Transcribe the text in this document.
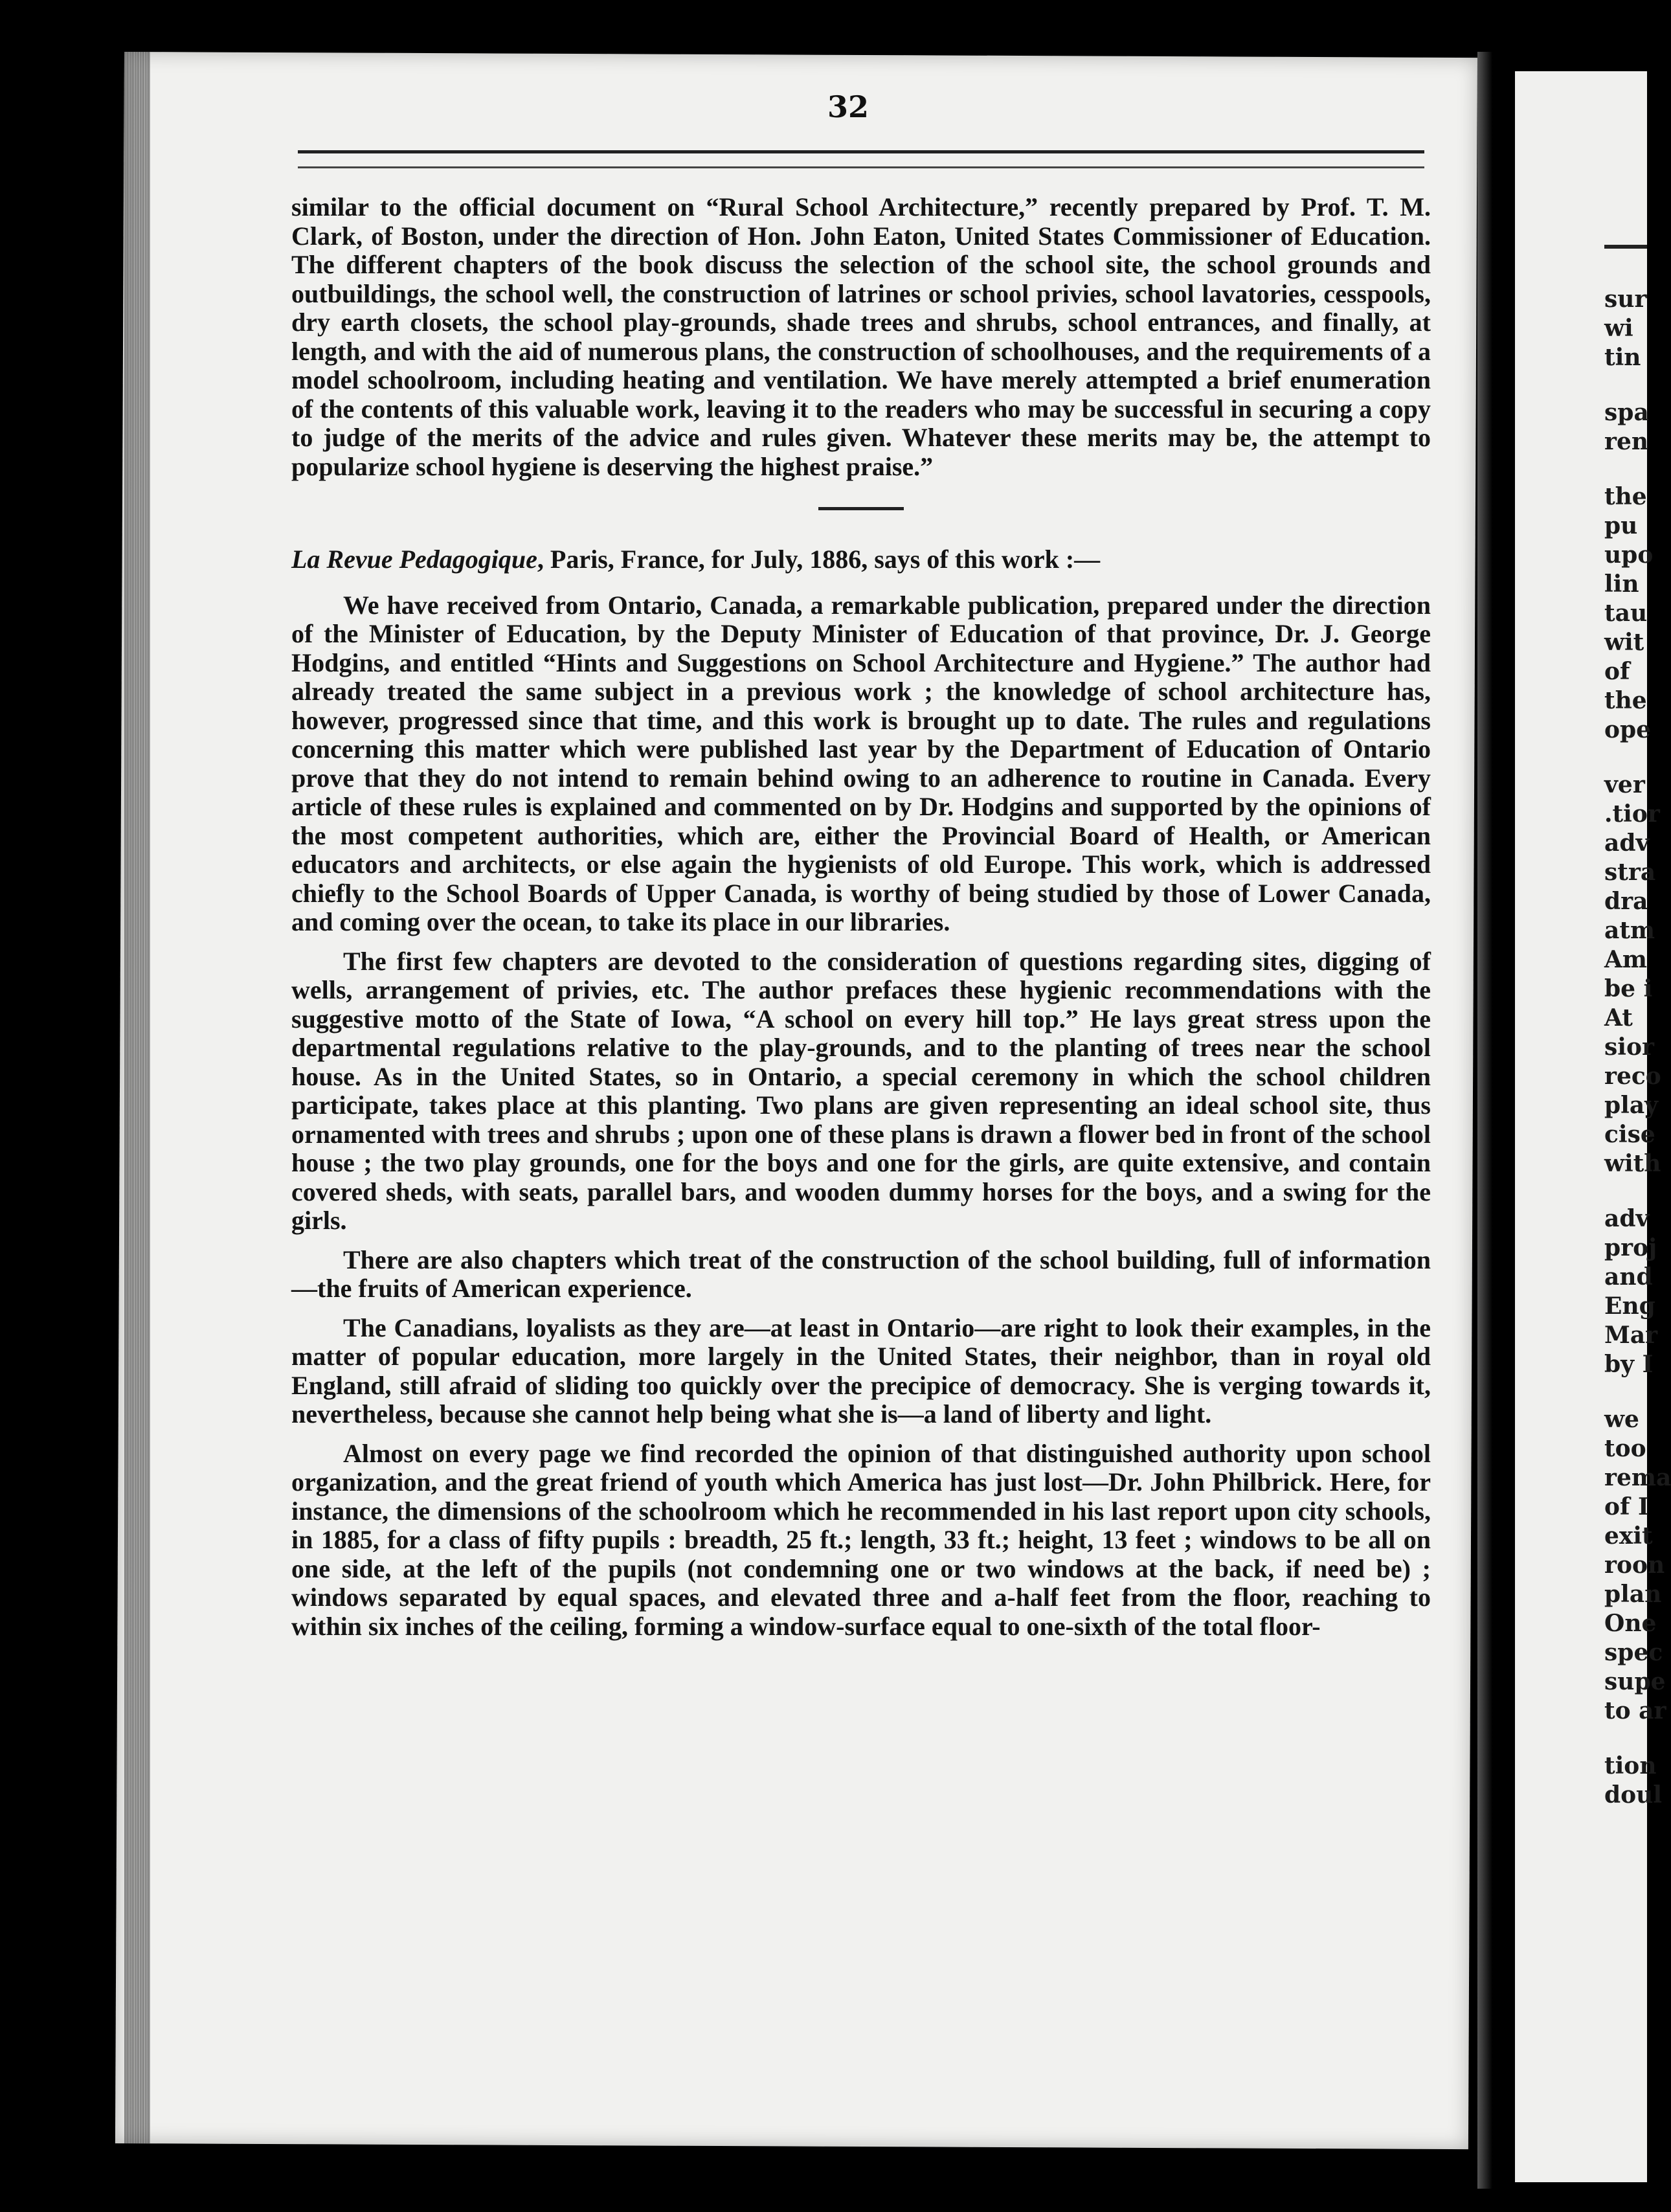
sur
wi
tin
spa
ren
the
pu
upo
lin
tau
wit
of
the
ope
ver
.tior
adv
stra
dra
atm
Am
be i
At
sior
reco
play
cise
with
adv
proj
and
Eng
Mar
by I
we
too
rema
of I
exit
roon
plan
One
spec
supe
to ar
tion
doul
32

similar to the official document on “Rural School Architecture,” recently prepared by Prof. T. M. Clark, of Boston, under the direction of Hon. John Eaton, United States Commissioner of Education. The different chapters of the book discuss the selection of the school site, the school grounds and outbuildings, the school well, the construction of latrines or school privies, school lavatories, cesspools, dry earth closets, the school play-grounds, shade trees and shrubs, school entrances, and finally, at length, and with the aid of numerous plans, the construction of schoolhouses, and the requirements of a model schoolroom, including heating and ventilation. We have merely attempted a brief enumeration of the contents of this valuable work, leaving it to the readers who may be successful in securing a copy to judge of the merits of the advice and rules given. Whatever these merits may be, the attempt to popularize school hygiene is deserving the highest praise.”

La Revue Pedagogique, Paris, France, for July, 1886, says of this work :—

We have received from Ontario, Canada, a remarkable publication, prepared under the direction of the Minister of Education, by the Deputy Minister of Education of that province, Dr. J. George Hodgins, and entitled “Hints and Suggestions on School Architecture and Hygiene.” The author had already treated the same subject in a previous work ; the knowledge of school architecture has, however, progressed since that time, and this work is brought up to date. The rules and regulations concerning this matter which were published last year by the Department of Education of Ontario prove that they do not intend to remain behind owing to an adherence to routine in Canada. Every article of these rules is explained and commented on by Dr. Hodgins and supported by the opinions of the most competent authorities, which are, either the Provincial Board of Health, or American educators and architects, or else again the hygienists of old Europe. This work, which is addressed chiefly to the School Boards of Upper Canada, is worthy of being studied by those of Lower Canada, and coming over the ocean, to take its place in our libraries.

The first few chapters are devoted to the consideration of questions regarding sites, digging of wells, arrangement of privies, etc. The author prefaces these hygienic recommendations with the suggestive motto of the State of Iowa, “A school on every hill top.” He lays great stress upon the departmental regulations relative to the play-grounds, and to the planting of trees near the school house. As in the United States, so in Ontario, a special ceremony in which the school children participate, takes place at this planting. Two plans are given representing an ideal school site, thus ornamented with trees and shrubs ; upon one of these plans is drawn a flower bed in front of the school house ; the two play grounds, one for the boys and one for the girls, are quite extensive, and contain covered sheds, with seats, parallel bars, and wooden dummy horses for the boys, and a swing for the girls.

There are also chapters which treat of the construction of the school building, full of information—the fruits of American experience.

The Canadians, loyalists as they are—at least in Ontario—are right to look their examples, in the matter of popular education, more largely in the United States, their neighbor, than in royal old England, still afraid of sliding too quickly over the precipice of democracy. She is verging towards it, nevertheless, because she cannot help being what she is—a land of liberty and light.

Almost on every page we find recorded the opinion of that distinguished authority upon school organization, and the great friend of youth which America has just lost—Dr. John Philbrick. Here, for instance, the dimensions of the schoolroom which he recommended in his last report upon city schools, in 1885, for a class of fifty pupils : breadth, 25 ft.; length, 33 ft.; height, 13 feet ; windows to be all on one side, at the left of the pupils (not condemning one or two windows at the back, if need be) ; windows separated by equal spaces, and elevated three and a-half feet from the floor, reaching to within six inches of the ceiling, forming a window-surface equal to one-sixth of the total floor-
